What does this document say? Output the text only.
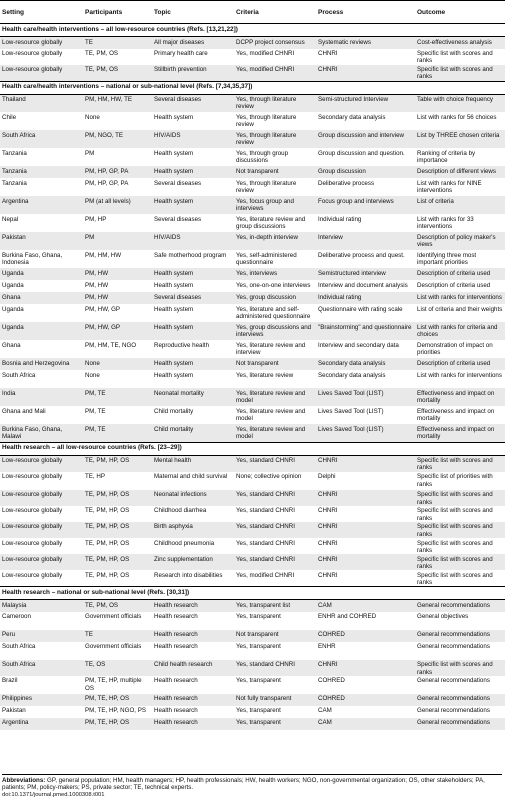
Setting	Participants	Topic	Criteria	Process	Outcome
Health care/health interventions – all low-resource countries (Refs. [13,21,22])					
Low-resource globally	TE	All major diseases	DCPP project consensus	Systematic reviews	Cost-effectiveness analysis
Low-resource globally	TE, PM, OS	Primary health care	Yes, modified CHNRI	CHNRI	Specific list with scores and ranks
Low-resource globally	TE, PM, OS	Stillbirth prevention	Yes, modified CHNRI	CHNRI	Specific list with scores and ranks
Health care/health interventions – national or sub-national level (Refs. [7,34,35,37])					
Thailand	PM, HM, HW, TE	Several diseases	Yes, through literature review	Semi-structured Interview	Table with choice frequency
Chile	None	Health system	Yes, through literature review	Secondary data analysis	List with ranks for 56 choices
South Africa	PM, NGO, TE	HIV/AIDS	Yes, through literature review	Group discussion and interview	List by THREE chosen criteria
Tanzania	PM	Health system	Yes, through group discussions	Group discussion and question.	Ranking of criteria by importance
Tanzania	PM, HP, GP, PA	Health system	Not transparent	Group discussion	Description of different views
Tanzania	PM, HP, GP, PA	Several diseases	Yes, through literature review	Deliberative process	List with ranks for NINE interventions
Argentina	PM (at all levels)	Health system	Yes, focus group and interviews	Focus group and interviews	List of criteria
Nepal	PM, HP	Several diseases	Yes, literature review and group discussions	Individual rating	List with ranks for 33 interventions
Pakistan	PM	HIV/AIDS	Yes, in-depth interview	Interview	Description of policy maker's views
Burkina Faso, Ghana, Indonesia	PM, HM, HW	Safe motherhood program	Yes, self-administered questionnaire	Deliberative process and quest.	Identifying three most important priorities
Uganda	PM, HW	Health system	Yes, interviews	Semistructured interview	Description of criteria used
Uganda	PM, HW	Health system	Yes, one-on-one interviews	Interview and document analysis	Description of criteria used
Ghana	PM, HW	Several diseases	Yes, group discussion	Individual rating	List with ranks for interventions
Uganda	PM, HW, GP	Health system	Yes, literature and self-administered questionnaire	Questionnaire with rating scale	List of criteria and their weights
Uganda	PM, HW, GP	Health system	Yes, group discussions and interviews	"Brainstorming" and questionnaire	List with ranks for criteria and choices
Ghana	PM, HM, TE, NGO	Reproductive health	Yes, literature review and interview	Interview and secondary data	Demonstration of impact on priorities
Bosnia and Herzegovina	None	Health system	Not transparent	Secondary data analysis	Description of criteria used
South Africa	None	Health system	Yes, literature review	Secondary data analysis	List with ranks for interventions
India	PM, TE	Neonatal mortality	Yes, literature review and model	Lives Saved Tool (LIST)	Effectiveness and impact on mortality
Ghana and Mali	PM, TE	Child mortality	Yes, literature review and model	Lives Saved Tool (LIST)	Effectiveness and impact on mortality
Burkina Faso, Ghana, Malawi	PM, TE	Child mortality	Yes, literature review and model	Lives Saved Tool (LIST)	Effectiveness and impact on mortality
Health research – all low-resource countries (Refs. [23–29])					
Low-resource globally	TE, PM, HP, OS	Mental health	Yes, standard CHNRI	CHNRI	Specific list with scores and ranks
Low-resource globally	TE, HP	Maternal and child survival	None; collective opinion	Delphi	Specific list of priorities with ranks
Low-resource globally	TE, PM, HP, OS	Neonatal infections	Yes, standard CHNRI	CHNRI	Specific list with scores and ranks
Low-resource globally	TE, PM, HP, OS	Childhood diarrhea	Yes, standard CHNRI	CHNRI	Specific list with scores and ranks
Low-resource globally	TE, PM, HP, OS	Birth asphyxia	Yes, standard CHNRI	CHNRI	Specific list with scores and ranks
Low-resource globally	TE, PM, HP, OS	Childhood pneumonia	Yes, standard CHNRI	CHNRI	Specific list with scores and ranks
Low-resource globally	TE, PM, HP, OS	Zinc supplementation	Yes, standard CHNRI	CHNRI	Specific list with scores and ranks
Low-resource globally	TE, PM, HP, OS	Research into disabilities	Yes, modified CHNRI	CHNRI	Specific list with scores and ranks
Health research – national or sub-national level (Refs. [30,31])					
Malaysia	TE, PM, OS	Health research	Yes, transparent list	CAM	General recommendations
Cameroon	Government officials	Health research	Yes, transparent	ENHR and COHRED	General objectives
Peru	TE	Health research	Not transparent	COHRED	General recommendations
South Africa	Government officials	Health research	Yes, transparent	ENHR	General recommendations
South Africa	TE, OS	Child health research	Yes, standard CHNRI	CHNRI	Specific list with scores and ranks
Brazil	PM, TE, HP, multiple OS	Health research	Yes, transparent	COHRED	General recommendations
Philippines	PM, TE, HP, OS	Health research	Not fully transparent	COHRED	General recommendations
Pakistan	PM, TE, HP, NGO, PS	Health research	Yes, transparent	CAM	General recommendations
Argentina	PM, TE, HP, OS	Health research	Yes, transparent	CAM	General recommendations
Abbreviations: GP, general population; HM, health managers; HP, health professionals; HW, health workers; NGO, non-governmental organization; OS, other stakeholders; PA, patients; PM, policy-makers; PS, private sector; TE, technical experts.
doi:10.1371/journal.pmed.1000308.t001
